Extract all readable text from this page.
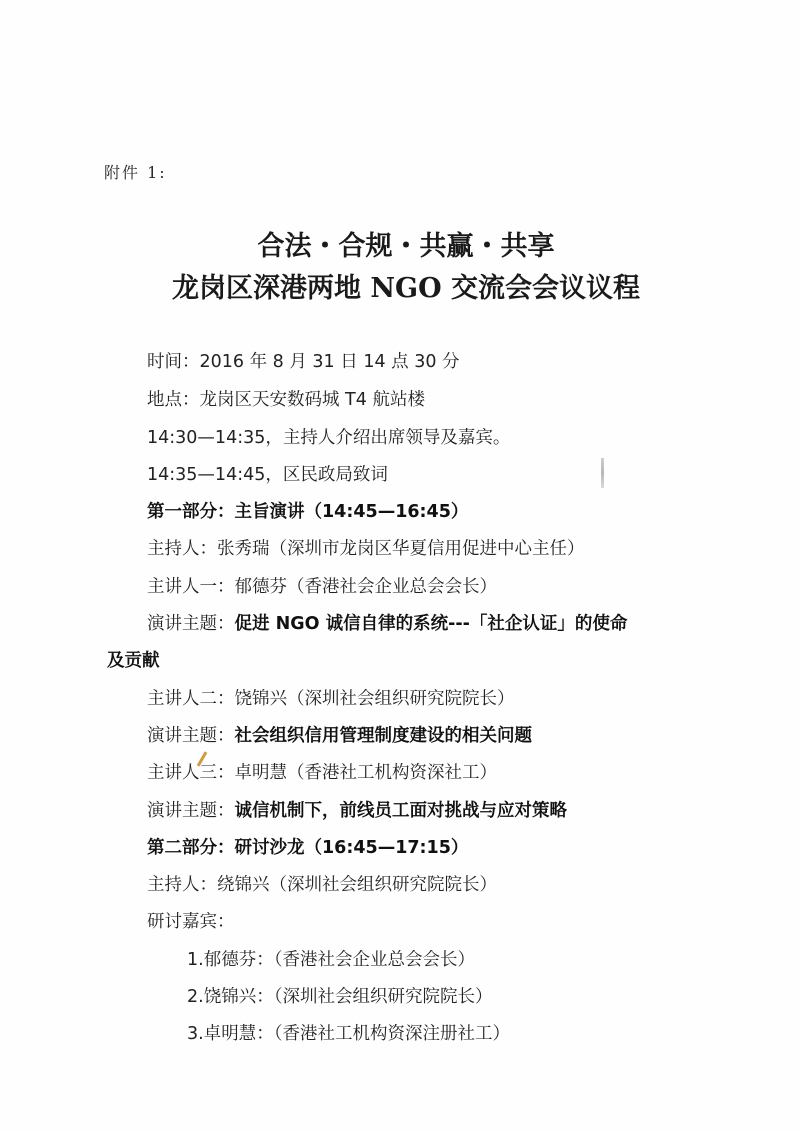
附件 1:
合法・合规・共赢・共享
龙岗区深港两地 NGO 交流会会议议程
时间：2016 年 8 月 31 日 14 点 30 分
地点：龙岗区天安数码城 T4 航站楼
14:30—14:35，主持人介绍出席领导及嘉宾。
14:35—14:45，区民政局致词
第一部分：主旨演讲（14:45—16:45）
主持人：张秀瑞（深圳市龙岗区华夏信用促进中心主任）
主讲人一：郁德芬（香港社会企业总会会长）
演讲主题：促进 NGO 诚信自律的系统---「社企认证」的使命
及贡献
主讲人二：饶锦兴（深圳社会组织研究院院长）
演讲主题：社会组织信用管理制度建设的相关问题
主讲人三：卓明慧（香港社工机构资深社工）
演讲主题：诚信机制下，前线员工面对挑战与应对策略
第二部分：研讨沙龙（16:45—17:15）
主持人：绕锦兴（深圳社会组织研究院院长）
研讨嘉宾：
1.郁德芬：（香港社会企业总会会长）
2.饶锦兴：（深圳社会组织研究院院长）
3.卓明慧：（香港社工机构资深注册社工）
